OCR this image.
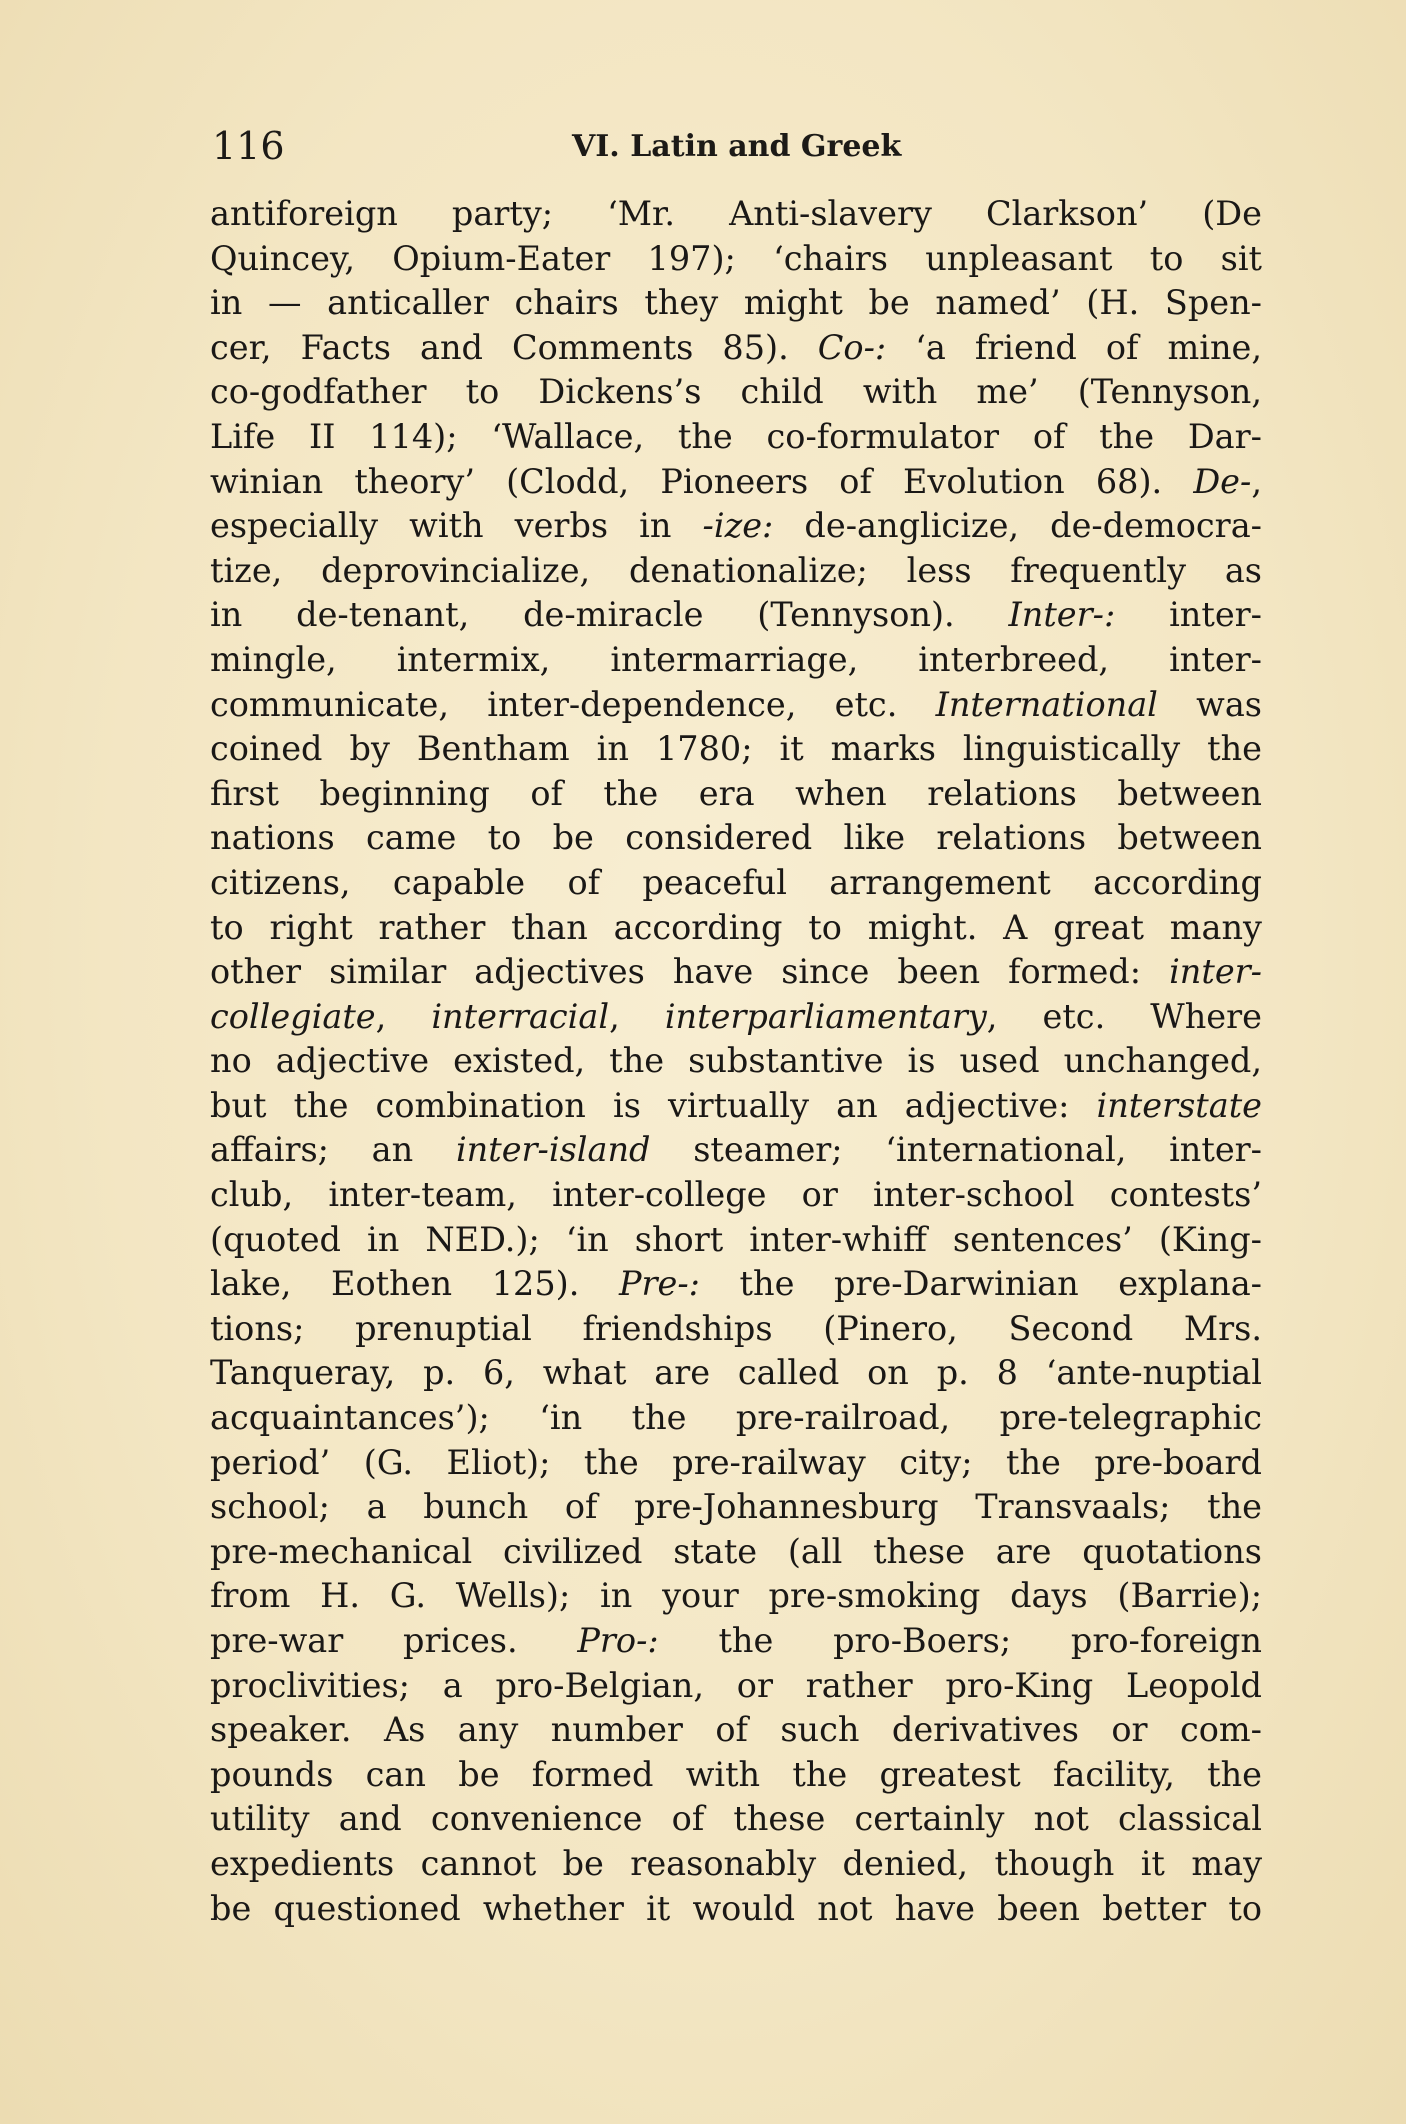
116	VI. Latin and Greek
antiforeign party; ‘Mr. Anti-slavery Clarkson’ (De
Quincey, Opium-Eater 197); ‘chairs unpleasant to sit
in — anticaller chairs they might be named’ (H. Spen-
cer, Facts and Comments 85). Co-: ‘a friend of mine,
co-godfather to Dickens’s child with me’ (Tennyson,
Life II 114); ‘Wallace, the co-formulator of the Dar-
winian theory’ (Clodd, Pioneers of Evolution 68). De-,
especially with verbs in -ize: de-anglicize, de-democra-
tize, deprovincialize, denationalize; less frequently as
in de-tenant, de-miracle (Tennyson). Inter-: inter-
mingle, intermix, intermarriage, interbreed, inter-
communicate, inter-dependence, etc. International was
coined by Bentham in 1780; it marks linguistically the
first beginning of the era when relations between
nations came to be considered like relations between
citizens, capable of peaceful arrangement according
to right rather than according to might. A great many
other similar adjectives have since been formed: inter-
collegiate, interracial, interparliamentary, etc. Where
no adjective existed, the substantive is used unchanged,
but the combination is virtually an adjective: interstate
affairs; an inter-island steamer; ‘international, inter-
club, inter-team, inter-college or inter-school contests’
(quoted in NED.); ‘in short inter-whiff sentences’ (King-
lake, Eothen 125). Pre-: the pre-Darwinian explana-
tions; prenuptial friendships (Pinero, Second Mrs.
Tanqueray, p. 6, what are called on p. 8 ‘ante-nuptial
acquaintances’); ‘in the pre-railroad, pre-telegraphic
period’ (G. Eliot); the pre-railway city; the pre-board
school; a bunch of pre-Johannesburg Transvaals; the
pre-mechanical civilized state (all these are quotations
from H. G. Wells); in your pre-smoking days (Barrie);
pre-war prices. Pro-: the pro-Boers; pro-foreign
proclivities; a pro-Belgian, or rather pro-King Leopold
speaker. As any number of such derivatives or com-
pounds can be formed with the greatest facility, the
utility and convenience of these certainly not classical
expedients cannot be reasonably denied, though it may
be questioned whether it would not have been better to
